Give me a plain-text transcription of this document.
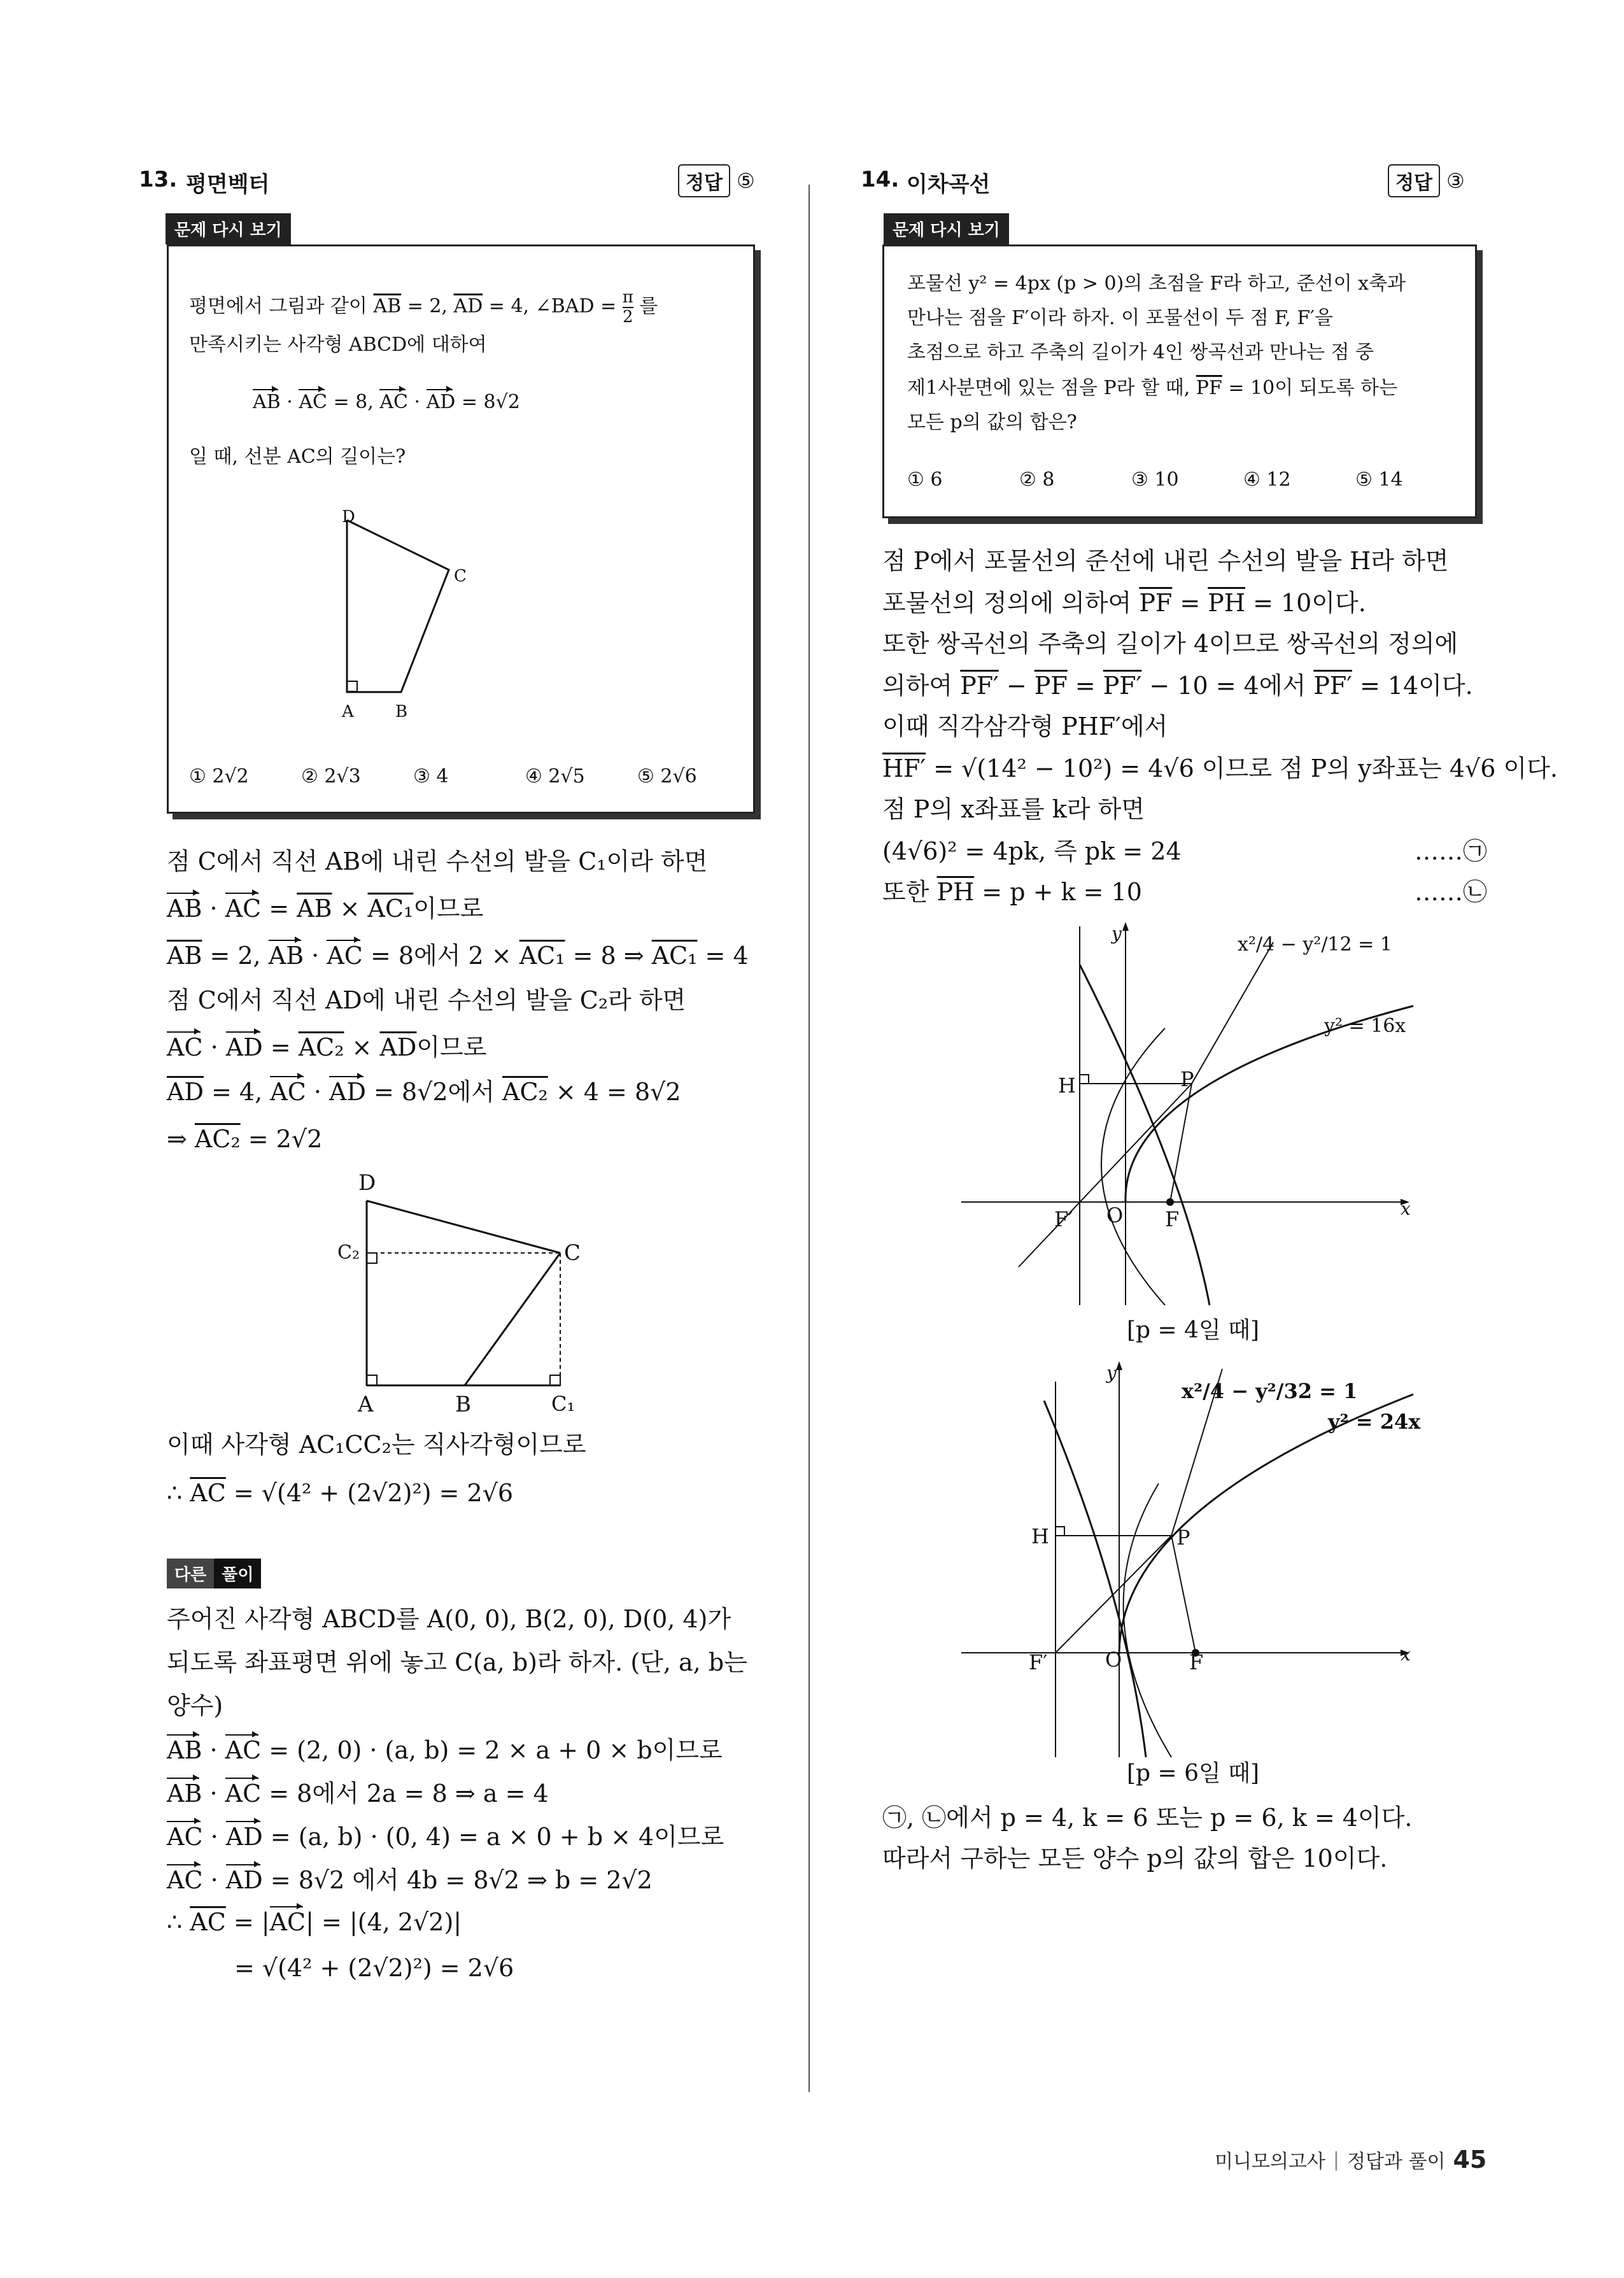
13. 평면벡터	정답 ⑤
문제 다시 보기
평면에서 그림과 같이 $\overline{AB} = 2$, $\overline{AD} = 4$, ∠BAD = $\frac{\pi}{2}$ 를
만족시키는 사각형 ABCD에 대하여
AB · AC = 8, AC · AD = 8√2
일 때, 선분 AC의 길이는?
D
C
A	B
① 2√2	② 2√3	③ 4	④ 2√5	⑤ 2√6
점 C에서 직선 AB에 내린 수선의 발을 C₁이라 하면
AB · AC = $\overline{AB} \times AC_1$이므로
$\overline{AB} = 2$, AB · AC = 8에서 2 × AC₁ = 8 ⇒ AC₁ = 4
점 C에서 직선 AD에 내린 수선의 발을 C₂라 하면
AC · AD = $AC_2 \times \overline{AD}$이므로
$\overline{AD} = 4$, AC · AD = 8√2에서 AC₂ × 4 = 8√2
⇒ AC₂ = 2√2
D
C₂	C
A	B	C₁
이때 사각형 AC₁CC₂는 직사각형이므로
∴ $\overline{AC} = √(4^2 + (2√2)^2) = 2√6$
다른 풀이
주어진 사각형 ABCD를 A(0, 0), B(2, 0), D(0, 4)가
되도록 좌표평면 위에 놓고 C(a, b)라 하자. (단, a, b는
양수)
AB · AC = (2, 0) · (a, b) = 2 × a + 0 × b이므로
AB · AC = 8에서 2a = 8 ⇒ a = 4
AC · AD = (a, b) · (0, 4) = a × 0 + b × 4이므로
AC · AD = 8√2 에서 4b = 8√2 ⇒ b = 2√2
∴ $\overline{AC} = |AC| = |(4$, 2√2)|
= √(4² + (2√2)²) = 2√6
14. 이차곡선	정답 ③
문제 다시 보기
포물선 y² = 4px (p > 0)의 초점을 F라 하고, 준선이 x축과
만나는 점을 F′이라 하자. 이 포물선이 두 점 F, F′을
초점으로 하고 주축의 길이가 4인 쌍곡선과 만나는 점 중
제1사분면에 있는 점을 P라 할 때, $\overline{PF} = 10$이 되도록 하는
모든 p의 값의 합은?
① 6	② 8	③ 10	④ 12	⑤ 14
점 P에서 포물선의 준선에 내린 수선의 발을 H라 하면
포물선의 정의에 의하여 $\overline{PF} = \overline{PH} = 10$이다.
또한 쌍곡선의 주축의 길이가 4이므로 쌍곡선의 정의에
의하여 $PF' - \overline{PF} = PF' - 10 = 4$에서 PF′ = 14이다.
이때 직각삼각형 PHF′에서
HF′ = √(14² − 10²) = 4√6 이므로 점 P의 y좌표는 4√6 이다.
점 P의 x좌표를 k라 하면
(4√6)² = 4pk, 즉 pk = 24	……㉠
또한 $\overline{PH} = p + k = 10$	……㉡
y
x
x²/4 − y²/12 = 1
y² = 16x
H	P
F′ O F
[p = 4일 때]
y
x
x²/4 − y²/32 = 1
y² = 24x
H	P
F′	O	F
[p = 6일 때]
㉠, ㉡에서 p = 4, k = 6 또는 p = 6, k = 4이다.
따라서 구하는 모든 양수 p의 값의 합은 10이다.
미니모의고사 | 정답과 풀이 45
